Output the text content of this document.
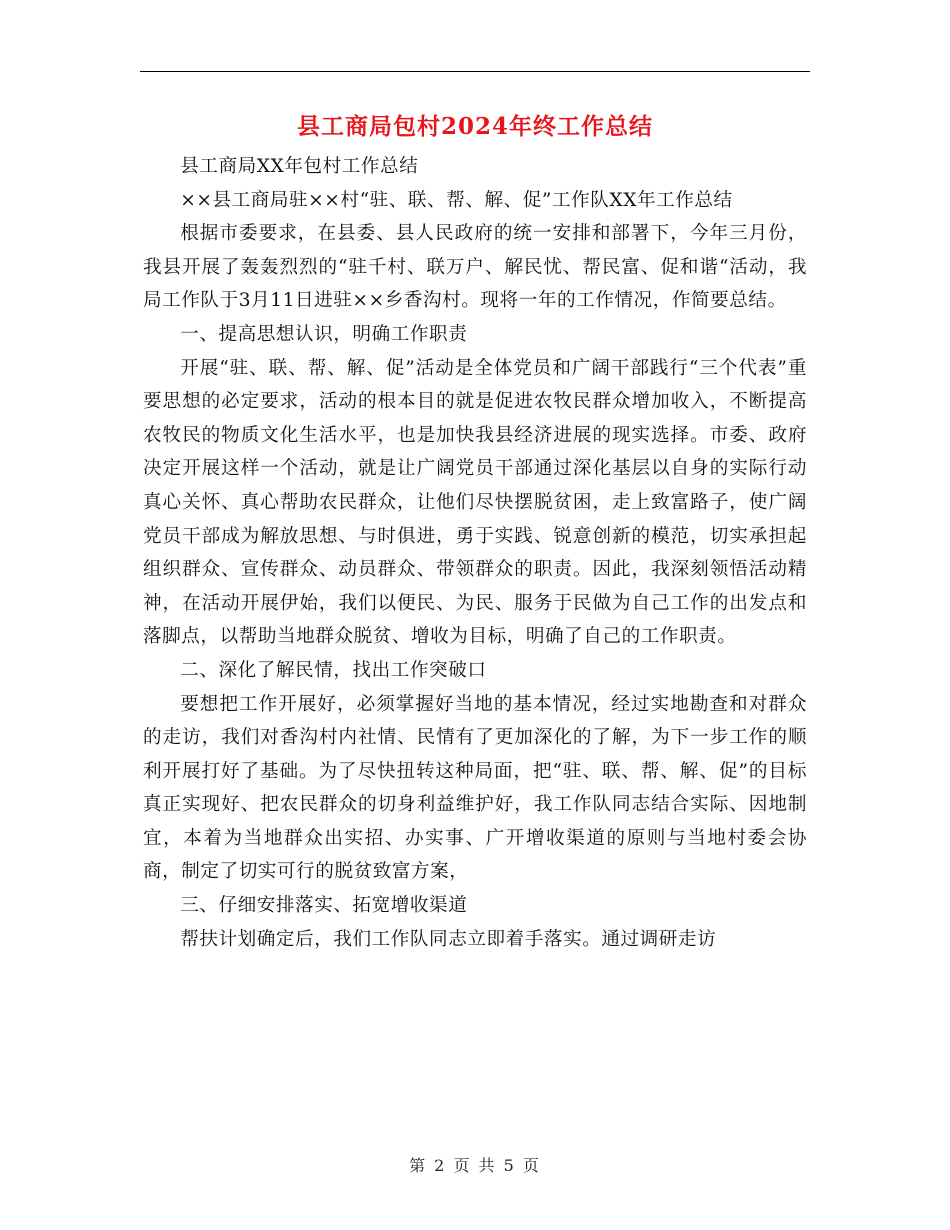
县工商局包村2024年终工作总结

县工商局XX年包村工作总结

××县工商局驻××村“驻、联、帮、解、促”工作队XX年工作总结

根据市委要求，在县委、县人民政府的统一安排和部署下，今年三月份，我县开展了轰轰烈烈的“驻千村、联万户、解民忧、帮民富、促和谐“活动，我局工作队于3月11日进驻××乡香沟村。现将一年的工作情况，作简要总结。

一、提高思想认识，明确工作职责

开展“驻、联、帮、解、促”活动是全体党员和广阔干部践行“三个代表”重要思想的必定要求，活动的根本目的就是促进农牧民群众增加收入，不断提高农牧民的物质文化生活水平，也是加快我县经济进展的现实选择。市委、政府决定开展这样一个活动，就是让广阔党员干部通过深化基层以自身的实际行动真心关怀、真心帮助农民群众，让他们尽快摆脱贫困，走上致富路子，使广阔党员干部成为解放思想、与时俱进，勇于实践、锐意创新的模范，切实承担起组织群众、宣传群众、动员群众、带领群众的职责。因此，我深刻领悟活动精神，在活动开展伊始，我们以便民、为民、服务于民做为自己工作的出发点和落脚点，以帮助当地群众脱贫、增收为目标，明确了自己的工作职责。

二、深化了解民情，找出工作突破口

要想把工作开展好，必须掌握好当地的基本情况，经过实地勘查和对群众的走访，我们对香沟村内社情、民情有了更加深化的了解，为下一步工作的顺利开展打好了基础。为了尽快扭转这种局面，把“驻、联、帮、解、促”的目标真正实现好、把农民群众的切身利益维护好，我工作队同志结合实际、因地制宜，本着为当地群众出实招、办实事、广开增收渠道的原则与当地村委会协商，制定了切实可行的脱贫致富方案，

三、仔细安排落实、拓宽增收渠道

帮扶计划确定后，我们工作队同志立即着手落实。通过调研走访

第 2 页 共 5 页
